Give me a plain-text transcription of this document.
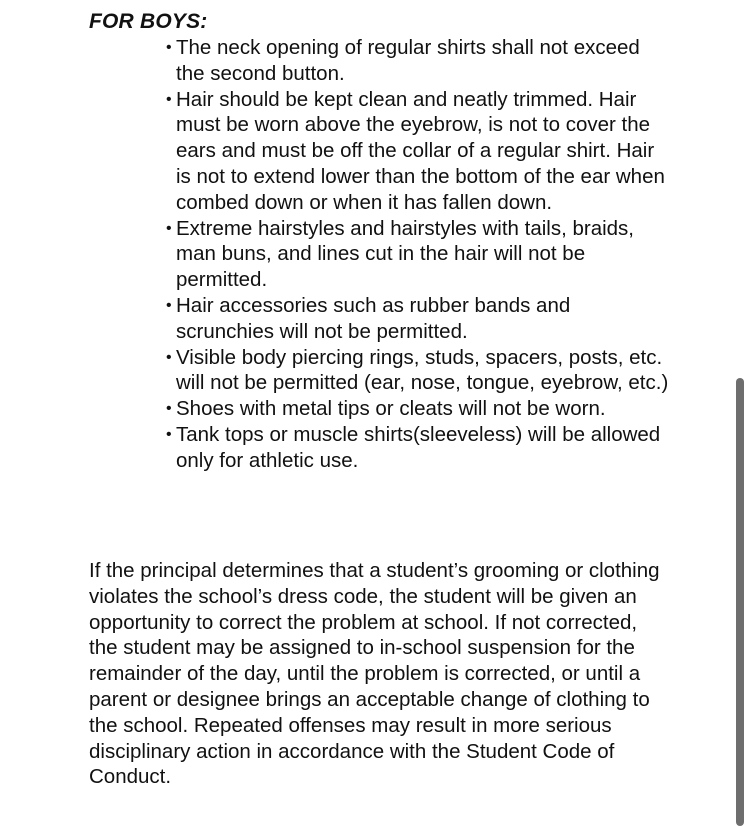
FOR BOYS:
• The neck opening of regular shirts shall not exceed the second button.
• Hair should be kept clean and neatly trimmed. Hair must be worn above the eyebrow, is not to cover the ears and must be off the collar of a regular shirt. Hair is not to extend lower than the bottom of the ear when combed down or when it has fallen down.
• Extreme hairstyles and hairstyles with tails, braids, man buns, and lines cut in the hair will not be permitted.
• Hair accessories such as rubber bands and scrunchies will not be permitted.
• Visible body piercing rings, studs, spacers, posts, etc. will not be permitted (ear, nose, tongue, eyebrow, etc.)
• Shoes with metal tips or cleats will not be worn.
• Tank tops or muscle shirts(sleeveless) will be allowed only for athletic use.

If the principal determines that a student’s grooming or clothing violates the school’s dress code, the student will be given an opportunity to correct the problem at school. If not corrected, the student may be assigned to in-school suspension for the remainder of the day, until the problem is corrected, or until a parent or designee brings an acceptable change of clothing to the school. Repeated offenses may result in more serious disciplinary action in accordance with the Student Code of Conduct.
